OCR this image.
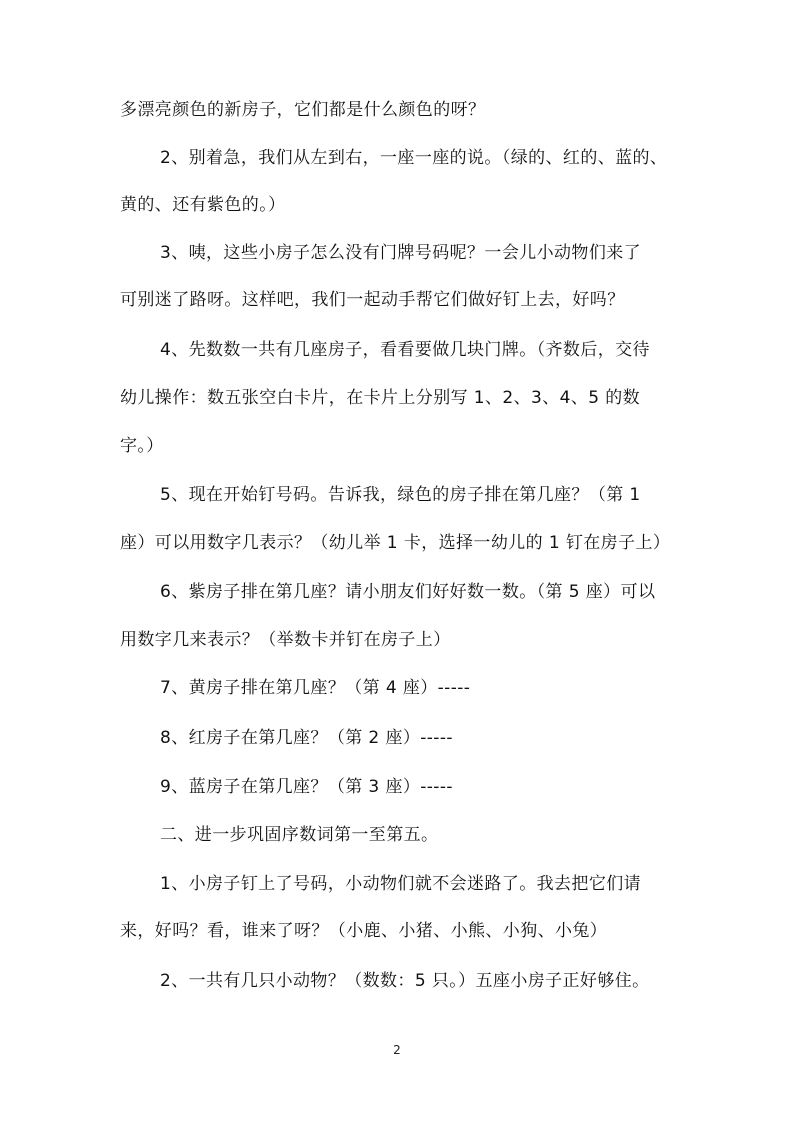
多漂亮颜色的新房子，它们都是什么颜色的呀？

2、别着急，我们从左到右，一座一座的说。（绿的、红的、蓝的、

黄的、还有紫色的。）

3、咦，这些小房子怎么没有门牌号码呢？一会儿小动物们来了

可别迷了路呀。这样吧，我们一起动手帮它们做好钉上去，好吗？

4、先数数一共有几座房子，看看要做几块门牌。（齐数后，交待

幼儿操作：数五张空白卡片，在卡片上分别写 1、2、3、4、5 的数

字。）

5、现在开始钉号码。告诉我，绿色的房子排在第几座？（第 1

座）可以用数字几表示？（幼儿举 1 卡，选择一幼儿的 1 钉在房子上）

6、紫房子排在第几座？请小朋友们好好数一数。（第 5 座）可以

用数字几来表示？（举数卡并钉在房子上）

7、黄房子排在第几座？（第 4 座）-----

8、红房子在第几座？（第 2 座）-----

9、蓝房子在第几座？（第 3 座）-----

二、进一步巩固序数词第一至第五。

1、小房子钉上了号码，小动物们就不会迷路了。我去把它们请

来，好吗？看，谁来了呀？（小鹿、小猪、小熊、小狗、小兔）

2、一共有几只小动物？（数数：5 只。）五座小房子正好够住。

2
